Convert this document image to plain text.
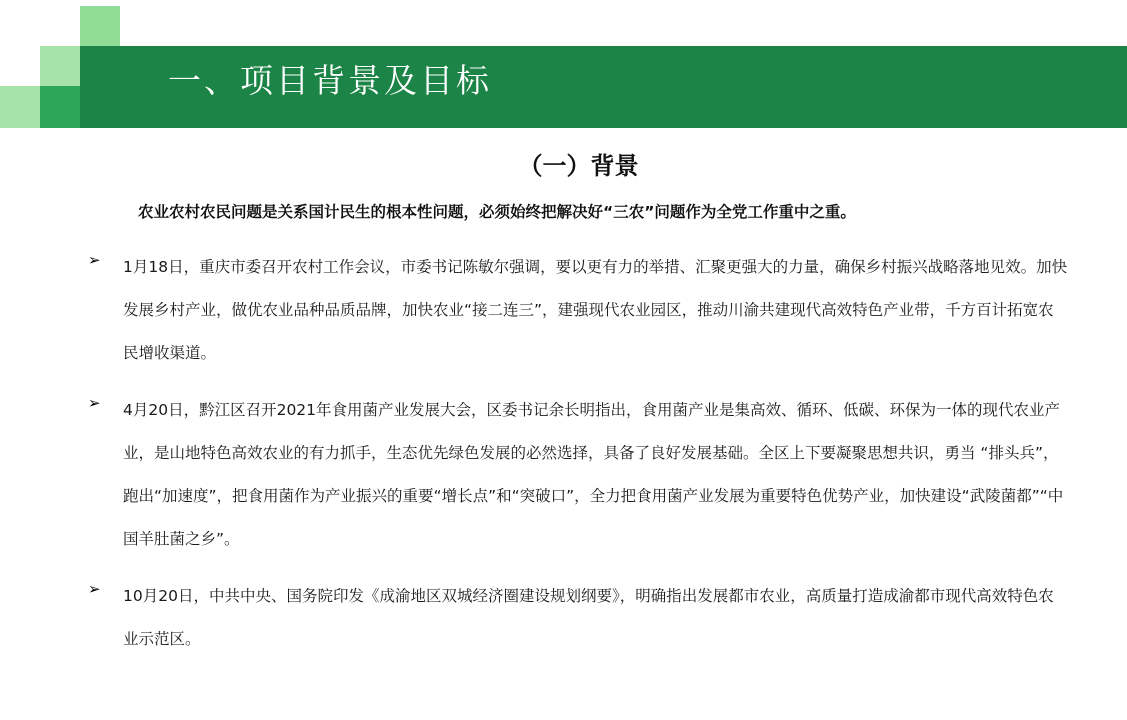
一、项目背景及目标
（一）背景
农业农村农民问题是关系国计民生的根本性问题，必须始终把解决好“三农”问题作为全党工作重中之重。
➢ 1月18日，重庆市委召开农村工作会议，市委书记陈敏尔强调，要以更有力的举措、汇聚更强大的力量，确保乡村振兴战略落地见效。加快发展乡村产业，做优农业品种品质品牌，加快农业“接二连三”，建强现代农业园区，推动川渝共建现代高效特色产业带，千方百计拓宽农民增收渠道。
➢ 4月20日，黔江区召开2021年食用菌产业发展大会，区委书记余长明指出，食用菌产业是集高效、循环、低碳、环保为一体的现代农业产业，是山地特色高效农业的有力抓手，生态优先绿色发展的必然选择，具备了良好发展基础。全区上下要凝聚思想共识，勇当 “排头兵”，跑出“加速度”，把食用菌作为产业振兴的重要“增长点”和“突破口”，全力把食用菌产业发展为重要特色优势产业，加快建设“武陵菌都”“中国羊肚菌之乡”。
➢ 10月20日，中共中央、国务院印发《成渝地区双城经济圈建设规划纲要》，明确指出发展都市农业，高质量打造成渝都市现代高效特色农业示范区。
